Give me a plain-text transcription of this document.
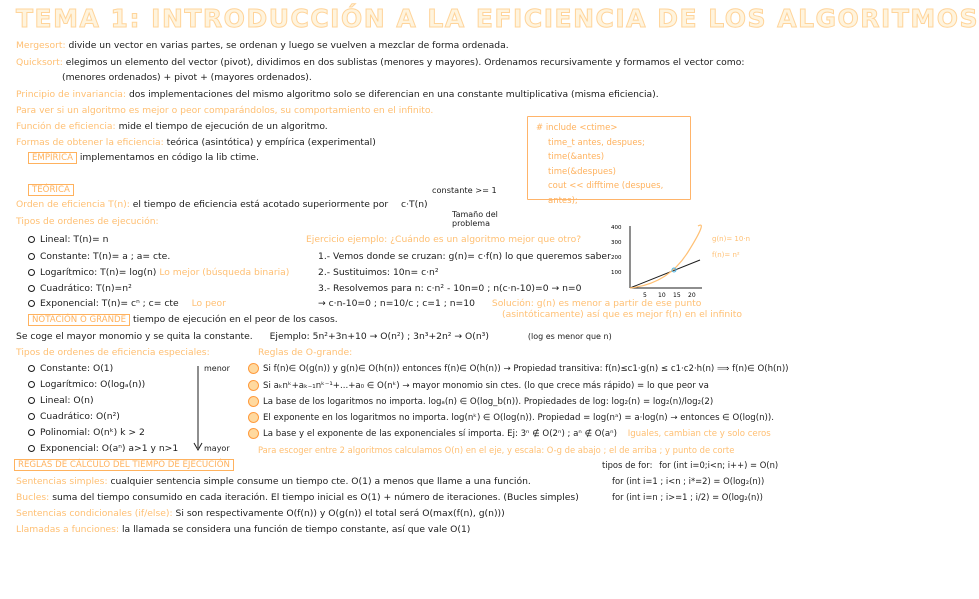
TEMA 1: INTRODUCCIÓN A LA EFICIENCIA DE LOS ALGORITMOS
Mergesort: divide un vector en varias partes, se ordenan y luego se vuelven a mezclar de forma ordenada.
Quicksort: elegimos un elemento del vector (pivot), dividimos en dos sublistas (menores y mayores). Ordenamos recursivamente y formamos el vector como:
(menores ordenados) + pivot + (mayores ordenados).
Principio de invariancia: dos implementaciones del mismo algoritmo solo se diferencian en una constante multiplicativa (misma eficiencia).
Para ver si un algoritmo es mejor o peor comparándolos, su comportamiento en el infinito.
Función de eficiencia: mide el tiempo de ejecución de un algoritmo.
Formas de obtener la eficiencia: teórica (asintótica) y empírica (experimental)
EMPÍRICA implementamos en código la lib ctime.
# include <ctime>
time_t antes, despues;
time(&antes)
time(&despues)
cout << difftime (despues, antes);
TEÓRICA	constante >= 1
Orden de eficiencia T(n): el tiempo de eficiencia está acotado superiormente por c·T(n)
Tamaño del
problema
Tipos de ordenes de ejecución:
Lineal: T(n)= n
Constante: T(n)= a ; a= cte.
Logarítmico: T(n)= log(n) Lo mejor (búsqueda binaria)
Cuadrático: T(n)=n²
Exponencial: T(n)= cⁿ ; c= cte Lo peor
Ejercicio ejemplo: ¿Cuándo es un algoritmo mejor que otro?
1.- Vemos donde se cruzan: g(n)= c·f(n) lo que queremos saber
2.- Sustituimos: 10n= c·n²
3.- Resolvemos para n: c·n² - 10n=0 ; n(c·n-10)=0 → n=0
→ c·n-10=0 ; n=10/c ; c=1 ; n=10 Solución: g(n) es menor a partir de ese punto
(asintóticamente) así que es mejor f(n) en el infinito
400
300
200
100
5 10 15 20
g(n)= 10·n
f(n)= n²
NOTACIÓN O GRANDE tiempo de ejecución en el peor de los casos.
Se coge el mayor monomio y se quita la constante. Ejemplo: 5n²+3n+10 → O(n²) ; 3n³+2n² → O(n³)	(log es menor que n)
Tipos de ordenes de eficiencia especiales:	Reglas de O-grande:
Constante: O(1)
Logarítmico: O(logₐ(n))
Lineal: O(n)
Cuadrático: O(n²)
Polinomial: O(nᵏ) k > 2
Exponencial: O(aⁿ) a>1 y n>1
menor
mayor
Si f(n)∈ O(g(n)) y g(n)∈ O(h(n)) entonces f(n)∈ O(h(n)) → Propiedad transitiva: f(n)≤c1·g(n) ≤ c1·c2·h(n) ⟹ f(n)∈ O(h(n))
Si aₖnᵏ+aₖ₋₁nᵏ⁻¹+...+a₀ ∈ O(nᵏ) → mayor monomio sin ctes. (lo que crece más rápido) = lo que peor va
La base de los logaritmos no importa. logₐ(n) ∈ O(log_b(n)). Propiedades de log: log₂(n) = log₂(n)/log₂(2)
El exponente en los logaritmos no importa. log(nᵏ) ∈ O(log(n)). Propiedad = log(nᵃ) = a·log(n) → entonces ∈ O(log(n)).
La base y el exponente de las exponenciales sí importa. Ej: 3ⁿ ∉ O(2ⁿ) ; aⁿ ∉ O(aⁿ) Iguales, cambian cte y solo ceros
Para escoger entre 2 algoritmos calculamos O(n) en el eje, y escala: O-g de abajo ; el de arriba ; y punto de corte
REGLAS DE CÁLCULO DEL TIEMPO DE EJECUCIÓN
Sentencias simples: cualquier sentencia simple consume un tiempo cte. O(1) a menos que llame a una función.
Bucles: suma del tiempo consumido en cada iteración. El tiempo inicial es O(1) + número de iteraciones. (Bucles simples)
Sentencias condicionales (if/else): Si son respectivamente O(f(n)) y O(g(n)) el total será O(max(f(n), g(n)))
Llamadas a funciones: la llamada se considera una función de tiempo constante, así que vale O(1)
tipos de for: for (int i=0;i<n; i++) = O(n)
for (int i=1 ; i<n ; i*=2) = O(log₂(n))
for (int i=n ; i>=1 ; i/2) = O(log₂(n))
